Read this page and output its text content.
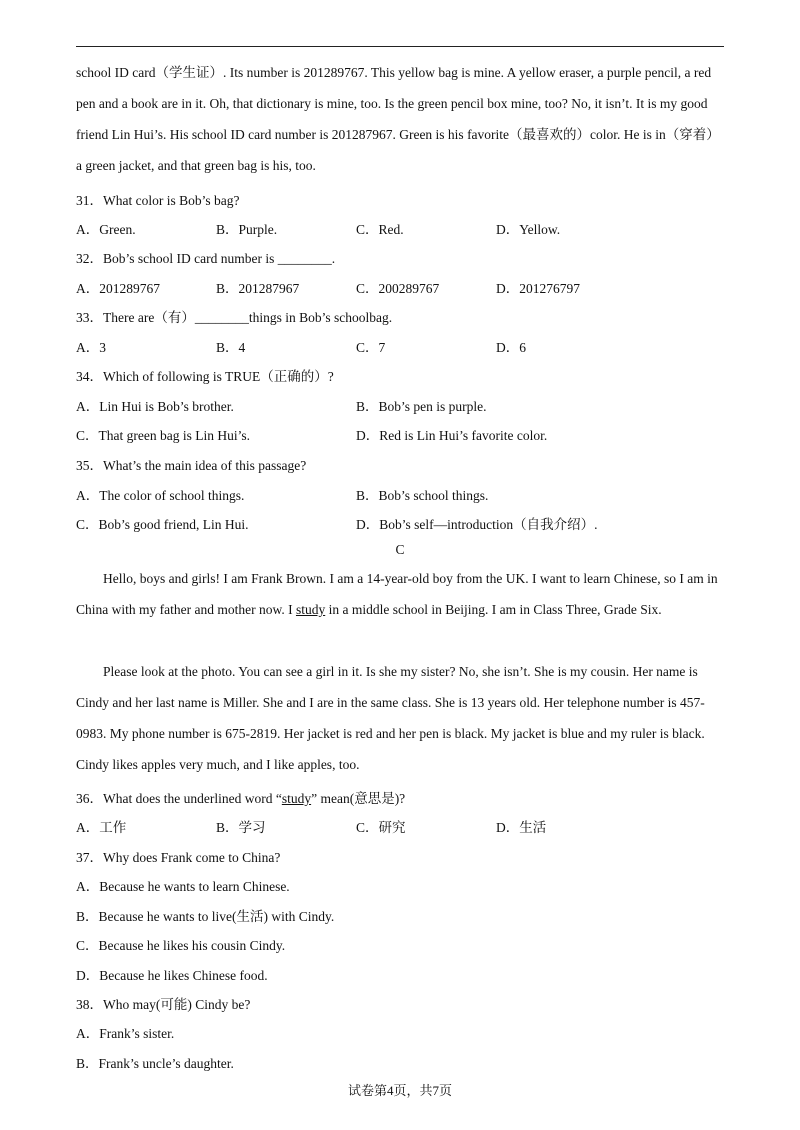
school ID card（学生证）. Its number is 201289767. This yellow bag is mine. A yellow eraser, a purple pencil, a red pen and a book are in it. Oh, that dictionary is mine, too. Is the green pencil box mine, too? No, it isn’t. It is my good friend Lin Hui’s. His school ID card number is 201287967. Green is his favorite（最喜欢的）color. He is in（穿着）a green jacket, and that green bag is his, too.
31．What color is Bob’s bag?
A．Green.	B．Purple.	C．Red.	D．Yellow.
32．Bob’s school ID card number is ________.
A．201289767	B．201287967	C．200289767	D．201276797
33．There are（有）________things in Bob’s schoolbag.
A．3	B．4	C．7	D．6
34．Which of following is TRUE（正确的）?
A．Lin Hui is Bob’s brother.	B．Bob’s pen is purple.
C．That green bag is Lin Hui’s.	D．Red is Lin Hui’s favorite color.
35．What’s the main idea of this passage?
A．The color of school things.	B．Bob’s school things.
C．Bob’s good friend, Lin Hui.	D．Bob’s self—introduction（自我介绍）.
C
Hello, boys and girls! I am Frank Brown. I am a 14-year-old boy from the UK. I want to learn Chinese, so I am in China with my father and mother now. I study in a middle school in Beijing. I am in Class Three, Grade Six.
Please look at the photo. You can see a girl in it. Is she my sister? No, she isn’t. She is my cousin. Her name is Cindy and her last name is Miller. She and I are in the same class. She is 13 years old. Her telephone number is 457-0983. My phone number is 675-2819. Her jacket is red and her pen is black. My jacket is blue and my ruler is black. Cindy likes apples very much, and I like apples, too.
36．What does the underlined word “study” mean(意思是)?
A．工作	B．学习	C．研究	D．生活
37．Why does Frank come to China?
A．Because he wants to learn Chinese.
B．Because he wants to live(生活) with Cindy.
C．Because he likes his cousin Cindy.
D．Because he likes Chinese food.
38．Who may(可能) Cindy be?
A．Frank’s sister.
B．Frank’s uncle’s daughter.
试卷第4页，共7页
